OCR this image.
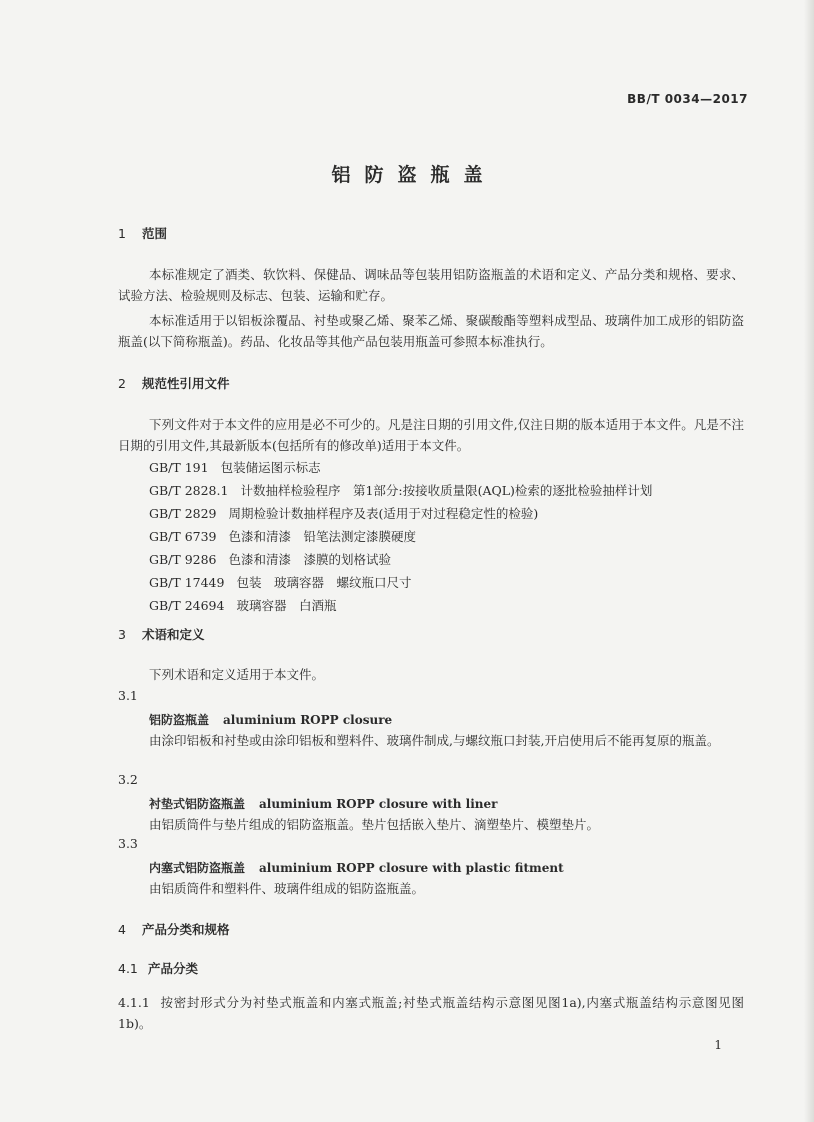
BB/T 0034—2017
铝防盗瓶盖
1 范围
本标准规定了酒类、软饮料、保健品、调味品等包装用铝防盗瓶盖的术语和定义、产品分类和规格、要求、试验方法、检验规则及标志、包装、运输和贮存。
本标准适用于以铝板涂覆品、衬垫或聚乙烯、聚苯乙烯、聚碳酸酯等塑料成型品、玻璃件加工成形的铝防盗瓶盖(以下简称瓶盖)。药品、化妆品等其他产品包装用瓶盖可参照本标准执行。
2 规范性引用文件
下列文件对于本文件的应用是必不可少的。凡是注日期的引用文件,仅注日期的版本适用于本文件。凡是不注日期的引用文件,其最新版本(包括所有的修改单)适用于本文件。
GB/T 191 包装储运图示标志
GB/T 2828.1 计数抽样检验程序　第1部分:按接收质量限(AQL)检索的逐批检验抽样计划
GB/T 2829 周期检验计数抽样程序及表(适用于对过程稳定性的检验)
GB/T 6739 色漆和清漆　铅笔法测定漆膜硬度
GB/T 9286 色漆和清漆　漆膜的划格试验
GB/T 17449 包装　玻璃容器　螺纹瓶口尺寸
GB/T 24694 玻璃容器　白酒瓶
3 术语和定义
下列术语和定义适用于本文件。
3.1
铝防盗瓶盖 aluminium ROPP closure
由涂印铝板和衬垫或由涂印铝板和塑料件、玻璃件制成,与螺纹瓶口封装,开启使用后不能再复原的瓶盖。
3.2
衬垫式铝防盗瓶盖 aluminium ROPP closure with liner
由铝质筒件与垫片组成的铝防盗瓶盖。垫片包括嵌入垫片、滴塑垫片、模塑垫片。
3.3
内塞式铝防盗瓶盖 aluminium ROPP closure with plastic fitment
由铝质筒件和塑料件、玻璃件组成的铝防盗瓶盖。
4 产品分类和规格
4.1 产品分类
4.1.1 按密封形式分为衬垫式瓶盖和内塞式瓶盖;衬垫式瓶盖结构示意图见图1a),内塞式瓶盖结构示意图见图1b)。
1
